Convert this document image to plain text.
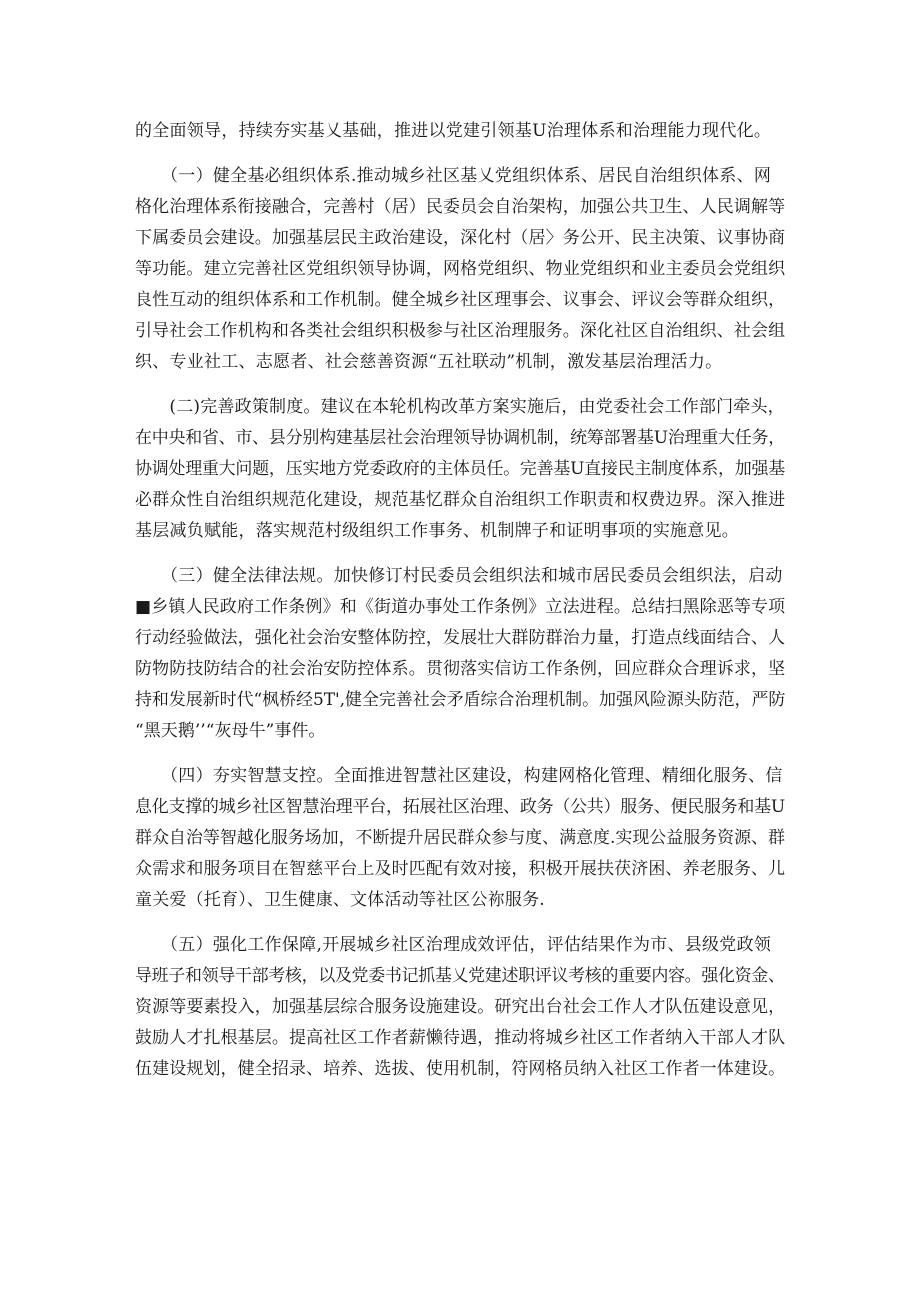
的全面领导，持续夯实基乂基础，推进以党建引领基U治理体系和治理能力现代化。
　　（一）健全基必组织体系.推动城乡社区基乂党组织体系、居民自治组织体系、网
格化治理体系衔接融合，完善村（居）民委员会自治架构，加强公共卫生、人民调解等
下属委员会建设。加强基层民主政治建设，深化村（居〉务公开、民主决策、议事协商
等功能。建立完善社区党组织领导协调，网格党组织、物业党组织和业主委员会党组织
良性互动的组织体系和工作机制。健全城乡社区理事会、议事会、评议会等群众组织，
引导社会工作机构和各类社会组织积极参与社区治理服务。深化社区自治组织、社会组
织、专业社工、志愿者、社会慈善资源“五社联动”机制，激发基层治理活力。
　　(二)完善政策制度。建议在本轮机构改革方案实施后，由党委社会工作部门牵头，
在中央和省、市、县分别构建基层社会治理领导协调机制，统筹部署基U治理重大任务，
协调处理重大问题，压实地方党委政府的主体员任。完善基U直接民主制度体系，加强基
必群众性自治组织规范化建设，规范基忆群众自治组织工作职责和权费边界。深入推进
基层减负赋能，落实规范村级组织工作事务、机制牌子和证明事项的实施意见。
　　（三）健全法律法规。加快修订村民委员会组织法和城市居民委员会组织法，启动
■乡镇人民政府工作条例》和《街道办事处工作条例》立法进程。总结扫黑除恶等专项
行动经验做法，强化社会治安整体防控，发展壮大群防群治力量，打造点线面结合、人
防物防技防结合的社会治安防控体系。贯彻落实信访工作条例，回应群众合理诉求，坚
持和发展新时代“枫桥经5T',健全完善社会矛盾综合治理机制。加强风险源头防范，严防
“黑天鹅’’“灰母牛”事件。
　　（四）夯实智慧支控。全面推进智慧社区建设，构建网格化管理、精细化服务、信
息化支撑的城乡社区智慧治理平台，拓展社区治理、政务（公共）服务、便民服务和基U
群众自治等智越化服务场加，不断提升居民群众参与度、满意度.实现公益服务资源、群
众需求和服务项目在智慈平台上及时匹配有效对接，积极开展扶茯济困、养老服务、儿
童关爱（托育）、卫生健康、文体活动等社区公祢服务.
　　（五）强化工作保障,开展城乡社区治理成效评估，评估结果作为市、县级党政领
导班子和领导干部考核，以及党委书记抓基乂党建述职评议考核的重要内容。强化资金、
资源等要素投入，加强基层综合服务设施建设。研究出台社会工作人才队伍建设意见，
鼓励人才扎根基层。提高社区工作者薪懒待遇，推动将城乡社区工作者纳入干部人才队
伍建设规划，健全招录、培养、选拔、使用机制，符网格员纳入社区工作者一体建设。
